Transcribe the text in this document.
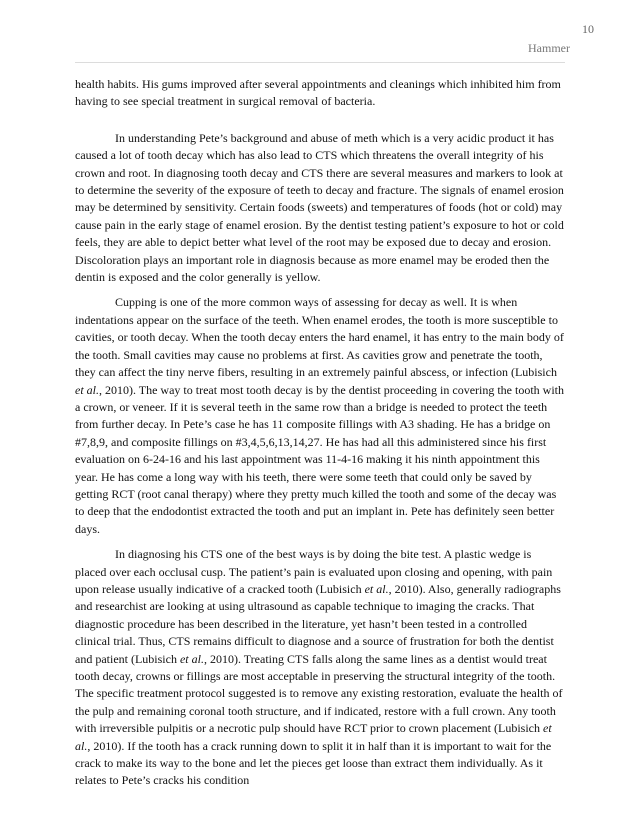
10
Hammer

health habits. His gums improved after several appointments and cleanings which inhibited him from having to see special treatment in surgical removal of bacteria.

In understanding Pete’s background and abuse of meth which is a very acidic product it has caused a lot of tooth decay which has also lead to CTS which threatens the overall integrity of his crown and root. In diagnosing tooth decay and CTS there are several measures and markers to look at to determine the severity of the exposure of teeth to decay and fracture. The signals of enamel erosion may be determined by sensitivity. Certain foods (sweets) and temperatures of foods (hot or cold) may cause pain in the early stage of enamel erosion. By the dentist testing patient’s exposure to hot or cold feels, they are able to depict better what level of the root may be exposed due to decay and erosion. Discoloration plays an important role in diagnosis because as more enamel may be eroded then the dentin is exposed and the color generally is yellow.

Cupping is one of the more common ways of assessing for decay as well. It is when indentations appear on the surface of the teeth. When enamel erodes, the tooth is more susceptible to cavities, or tooth decay. When the tooth decay enters the hard enamel, it has entry to the main body of the tooth. Small cavities may cause no problems at first. As cavities grow and penetrate the tooth, they can affect the tiny nerve fibers, resulting in an extremely painful abscess, or infection (Lubisich et al., 2010). The way to treat most tooth decay is by the dentist proceeding in covering the tooth with a crown, or veneer. If it is several teeth in the same row than a bridge is needed to protect the teeth from further decay. In Pete’s case he has 11 composite fillings with A3 shading. He has a bridge on #7,8,9, and composite fillings on #3,4,5,6,13,14,27. He has had all this administered since his first evaluation on 6-24-16 and his last appointment was 11-4-16 making it his ninth appointment this year. He has come a long way with his teeth, there were some teeth that could only be saved by getting RCT (root canal therapy) where they pretty much killed the tooth and some of the decay was to deep that the endodontist extracted the tooth and put an implant in. Pete has definitely seen better days.

In diagnosing his CTS one of the best ways is by doing the bite test. A plastic wedge is placed over each occlusal cusp. The patient’s pain is evaluated upon closing and opening, with pain upon release usually indicative of a cracked tooth (Lubisich et al., 2010). Also, generally radiographs and researchist are looking at using ultrasound as capable technique to imaging the cracks. That diagnostic procedure has been described in the literature, yet hasn’t been tested in a controlled clinical trial. Thus, CTS remains difficult to diagnose and a source of frustration for both the dentist and patient (Lubisich et al., 2010). Treating CTS falls along the same lines as a dentist would treat tooth decay, crowns or fillings are most acceptable in preserving the structural integrity of the tooth. The specific treatment protocol suggested is to remove any existing restoration, evaluate the health of the pulp and remaining coronal tooth structure, and if indicated, restore with a full crown. Any tooth with irreversible pulpitis or a necrotic pulp should have RCT prior to crown placement (Lubisich et al., 2010). If the tooth has a crack running down to split it in half than it is important to wait for the crack to make its way to the bone and let the pieces get loose than extract them individually. As it relates to Pete’s cracks his condition
